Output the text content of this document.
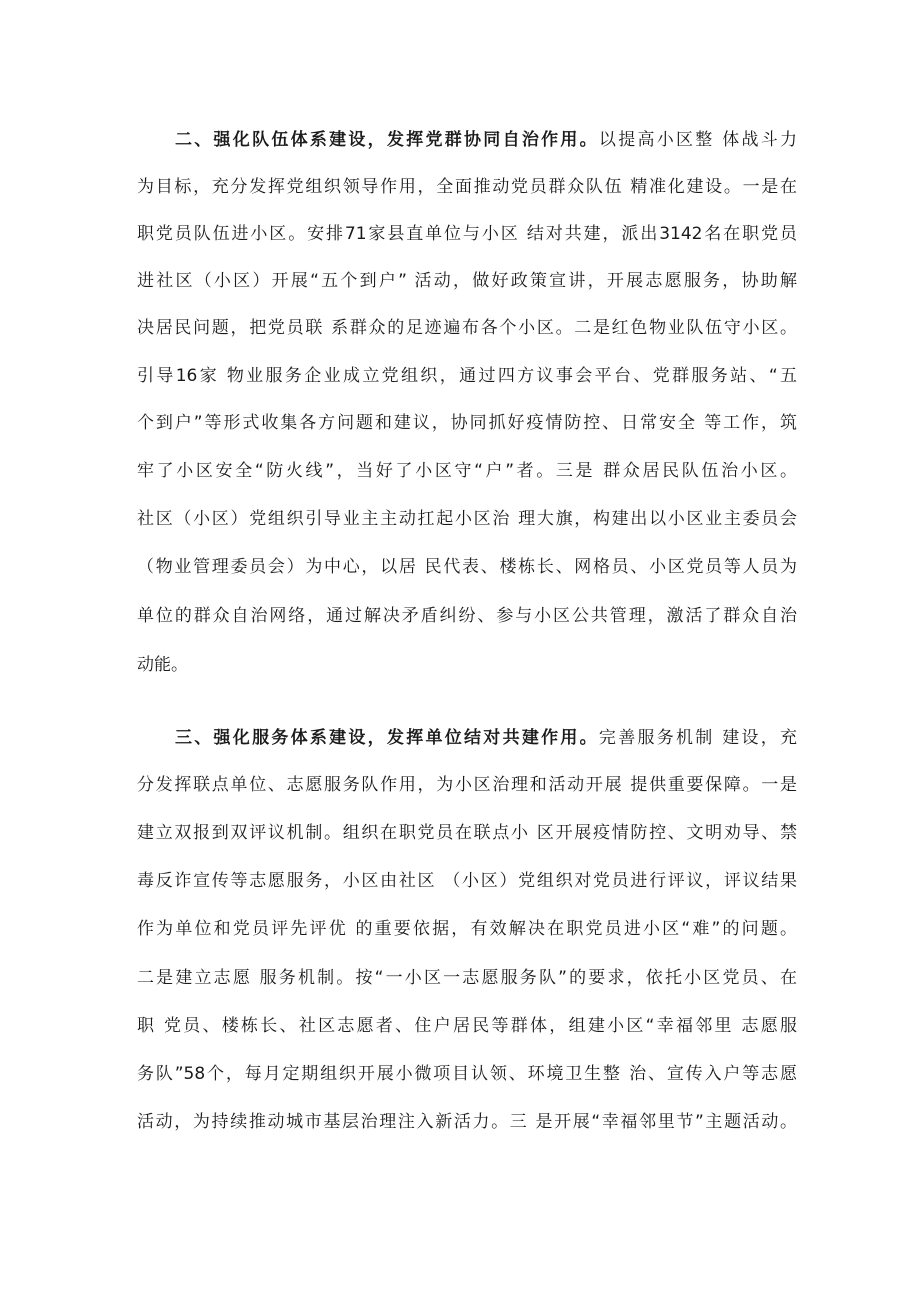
二、强化队伍体系建设，发挥党群协同自治作用。以提高小区整 体战斗力
为目标，充分发挥党组织领导作用，全面推动党员群众队伍 精准化建设。一是在
职党员队伍进小区。安排71家县直单位与小区 结对共建，派出3142名在职党员
进社区（小区）开展“五个到户” 活动，做好政策宣讲，开展志愿服务，协助解
决居民问题，把党员联 系群众的足迹遍布各个小区。二是红色物业队伍守小区。
引导16家 物业服务企业成立党组织，通过四方议事会平台、党群服务站、“五
个到户”等形式收集各方问题和建议，协同抓好疫情防控、日常安全 等工作，筑
牢了小区安全“防火线”，当好了小区守“户”者。三是 群众居民队伍治小区。
社区（小区）党组织引导业主主动扛起小区治 理大旗，构建出以小区业主委员会
（物业管理委员会）为中心，以居 民代表、楼栋长、网格员、小区党员等人员为
单位的群众自治网络，通过解决矛盾纠纷、参与小区公共管理，激活了群众自治
动能。
三、强化服务体系建设，发挥单位结对共建作用。完善服务机制 建设，充
分发挥联点单位、志愿服务队作用，为小区治理和活动开展 提供重要保障。一是
建立双报到双评议机制。组织在职党员在联点小 区开展疫情防控、文明劝导、禁
毒反诈宣传等志愿服务，小区由社区 （小区）党组织对党员进行评议，评议结果
作为单位和党员评先评优 的重要依据，有效解决在职党员进小区“难”的问题。
二是建立志愿 服务机制。按“一小区一志愿服务队”的要求，依托小区党员、在
职 党员、楼栋长、社区志愿者、住户居民等群体，组建小区“幸福邻里 志愿服
务队”58个，每月定期组织开展小微项目认领、环境卫生整 治、宣传入户等志愿
活动，为持续推动城市基层治理注入新活力。三 是开展“幸福邻里节”主题活动。
